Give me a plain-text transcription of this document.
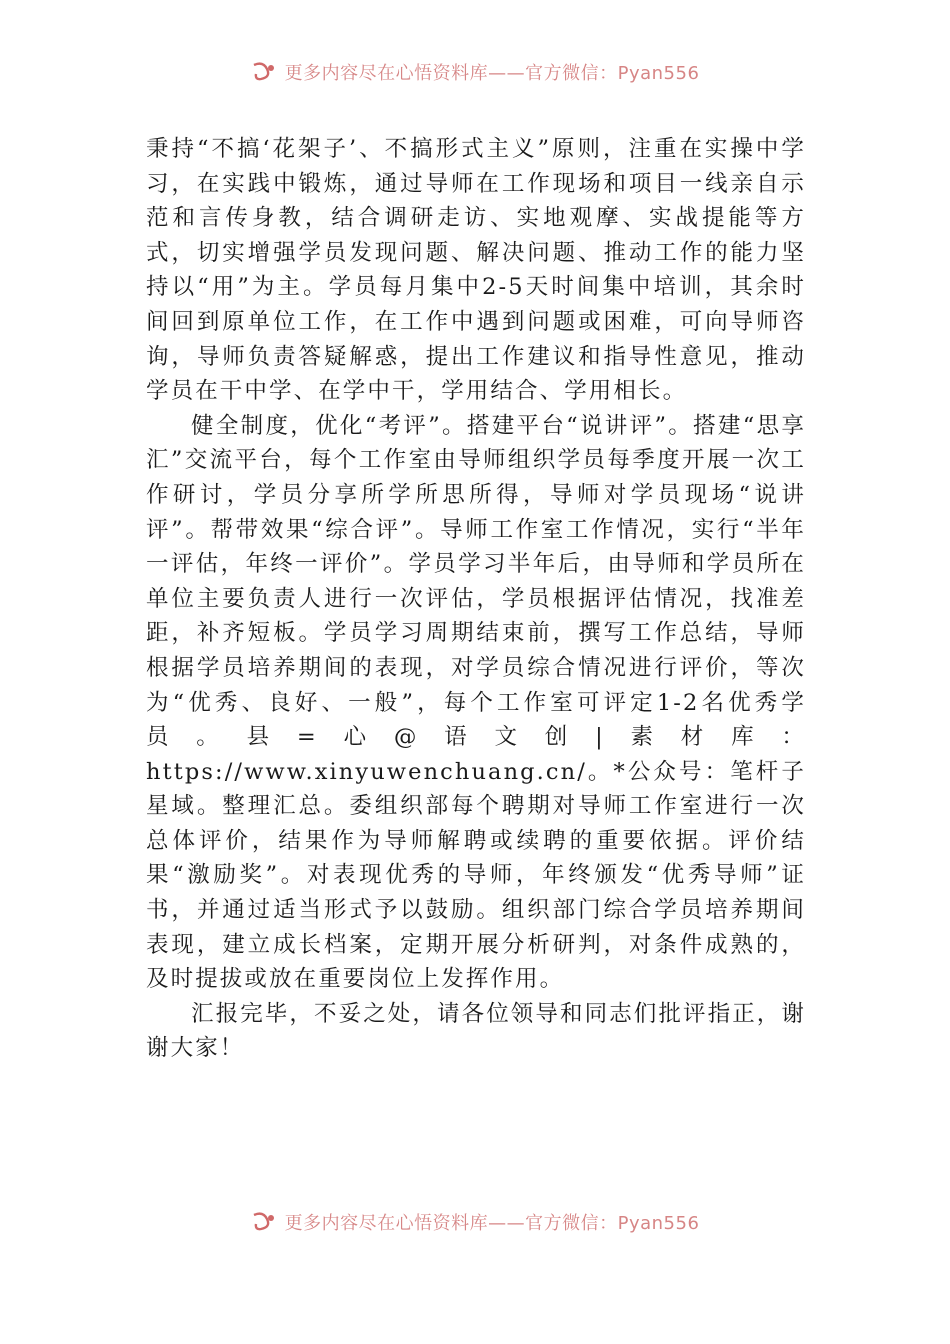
更多内容尽在心悟资料库——官方微信：Pyan556

秉持“不搞‘花架子’、不搞形式主义”原则，注重在实操中学习，在实践中锻炼，通过导师在工作现场和项目一线亲自示范和言传身教，结合调研走访、实地观摩、实战提能等方式，切实增强学员发现问题、解决问题、推动工作的能力坚持以“用”为主。学员每月集中2-5天时间集中培训，其余时间回到原单位工作，在工作中遇到问题或困难，可向导师咨询，导师负责答疑解惑，提出工作建议和指导性意见，推动学员在干中学、在学中干，学用结合、学用相长。

健全制度，优化“考评”。搭建平台“说讲评”。搭建“思享汇”交流平台，每个工作室由导师组织学员每季度开展一次工作研讨，学员分享所学所思所得，导师对学员现场“说讲评”。帮带效果“综合评”。导师工作室工作情况，实行“半年一评估，年终一评价”。学员学习半年后，由导师和学员所在单位主要负责人进行一次评估，学员根据评估情况，找准差距，补齐短板。学员学习周期结束前，撰写工作总结，导师根据学员培养期间的表现，对学员综合情况进行评价，等次为“优秀、良好、一般”，每个工作室可评定1-2名优秀学员。县=心@语文创|素材库：https://www.xinyuwenchuang.cn/。*公众号：笔杆子星域。整理汇总。委组织部每个聘期对导师工作室进行一次总体评价，结果作为导师解聘或续聘的重要依据。评价结果“激励奖”。对表现优秀的导师，年终颁发“优秀导师”证书，并通过适当形式予以鼓励。组织部门综合学员培养期间表现，建立成长档案，定期开展分析研判，对条件成熟的，及时提拔或放在重要岗位上发挥作用。

汇报完毕，不妥之处，请各位领导和同志们批评指正，谢谢大家！

更多内容尽在心悟资料库——官方微信：Pyan556
